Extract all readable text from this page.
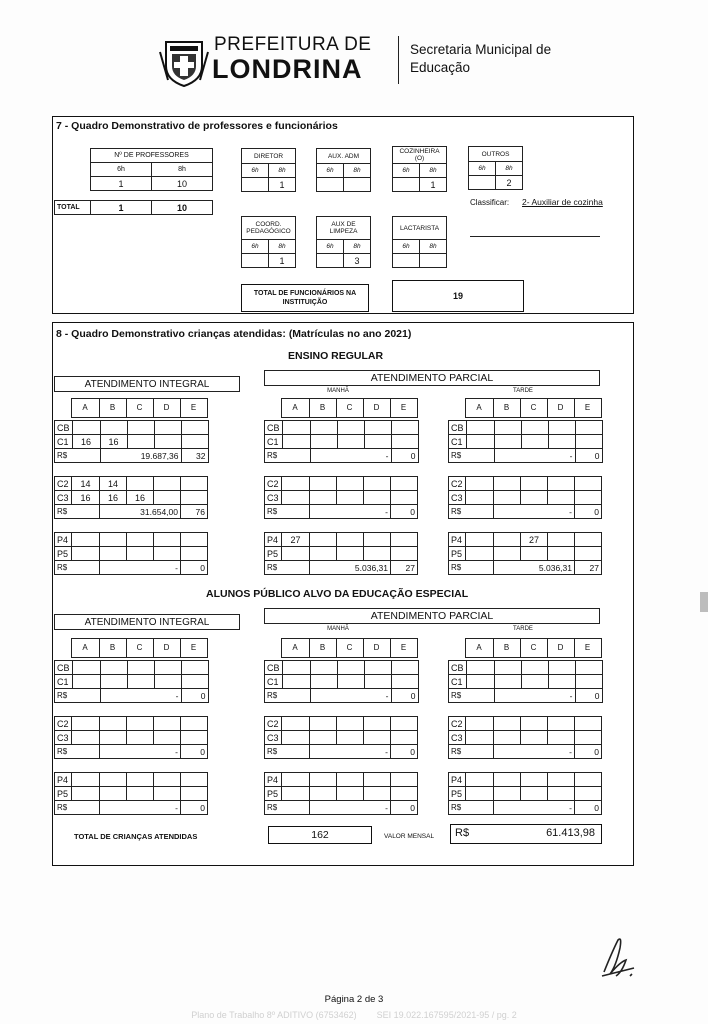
PREFEITURA DE
LONDRINA
Secretaria Municipal de
Educação
7 - Quadro Demonstrativo de professores e funcionários
Nº DE PROFESSORES	
6h	8h
1	10
TOTAL	1	10
DIRETOR	
6h	8h
	1
AUX. ADM	
6h	8h

COZINHEIRA (O)	
6h	8h
	1
OUTROS	
6h	8h
	2
COORD. PEDAGÓGICO	
6h	8h
	1
AUX DE LIMPEZA	
6h	8h
	3
LACTARISTA	
6h	8h

Classificar: 2- Auxiliar de cozinha
TOTAL DE FUNCIONÁRIOS NA INSTITUIÇÃO
19
8 - Quadro Demonstrativo crianças atendidas: (Matrículas no ano 2021)
ENSINO REGULAR
ALUNOS PÚBLICO ALVO DA EDUCAÇÃO ESPECIAL
ATENDIMENTO INTEGRAL
ATENDIMENTO PARCIAL
MANHÃ	TARDE
	A	B	C	D	E
CB					
C1	16	16			
R$		19.687,36			32
C2	14	14			
C3	16	16	16		
R$		31.654,00			76
P4					
P5					
R$		-			0
	A	B	C	D	E
CB					
C1					
R$		-			0
C2					
C3					
R$		-			0
P4	27				
P5					
R$		5.036,31			27
	A	B	C	D	E
CB					
C1					
R$		-			0
C2					
C3					
R$		-			0
P4			27		
P5					
R$		5.036,31			27
ATENDIMENTO INTEGRAL
ATENDIMENTO PARCIAL
MANHÃ	TARDE
	A	B	C	D	E
CB					
C1					
R$		-			0
C2					
C3					
R$		-			0
P4					
P5					
R$		-			0
	A	B	C	D	E
CB					
C1					
R$		-			0
C2					
C3					
R$		-			0
P4					
P5					
R$		-			0
	A	B	C	D	E
CB					
C1					
R$		-			0
C2					
C3					
R$		-			0
P4					
P5					
R$		-			0
TOTAL DE CRIANÇAS ATENDIDAS	162	VALOR MENSAL R$	61.413,98
Página 2 de 3
Plano de Trabalho 8º ADITIVO (6753462)        SEI 19.022.167595/2021-95 / pg. 2
